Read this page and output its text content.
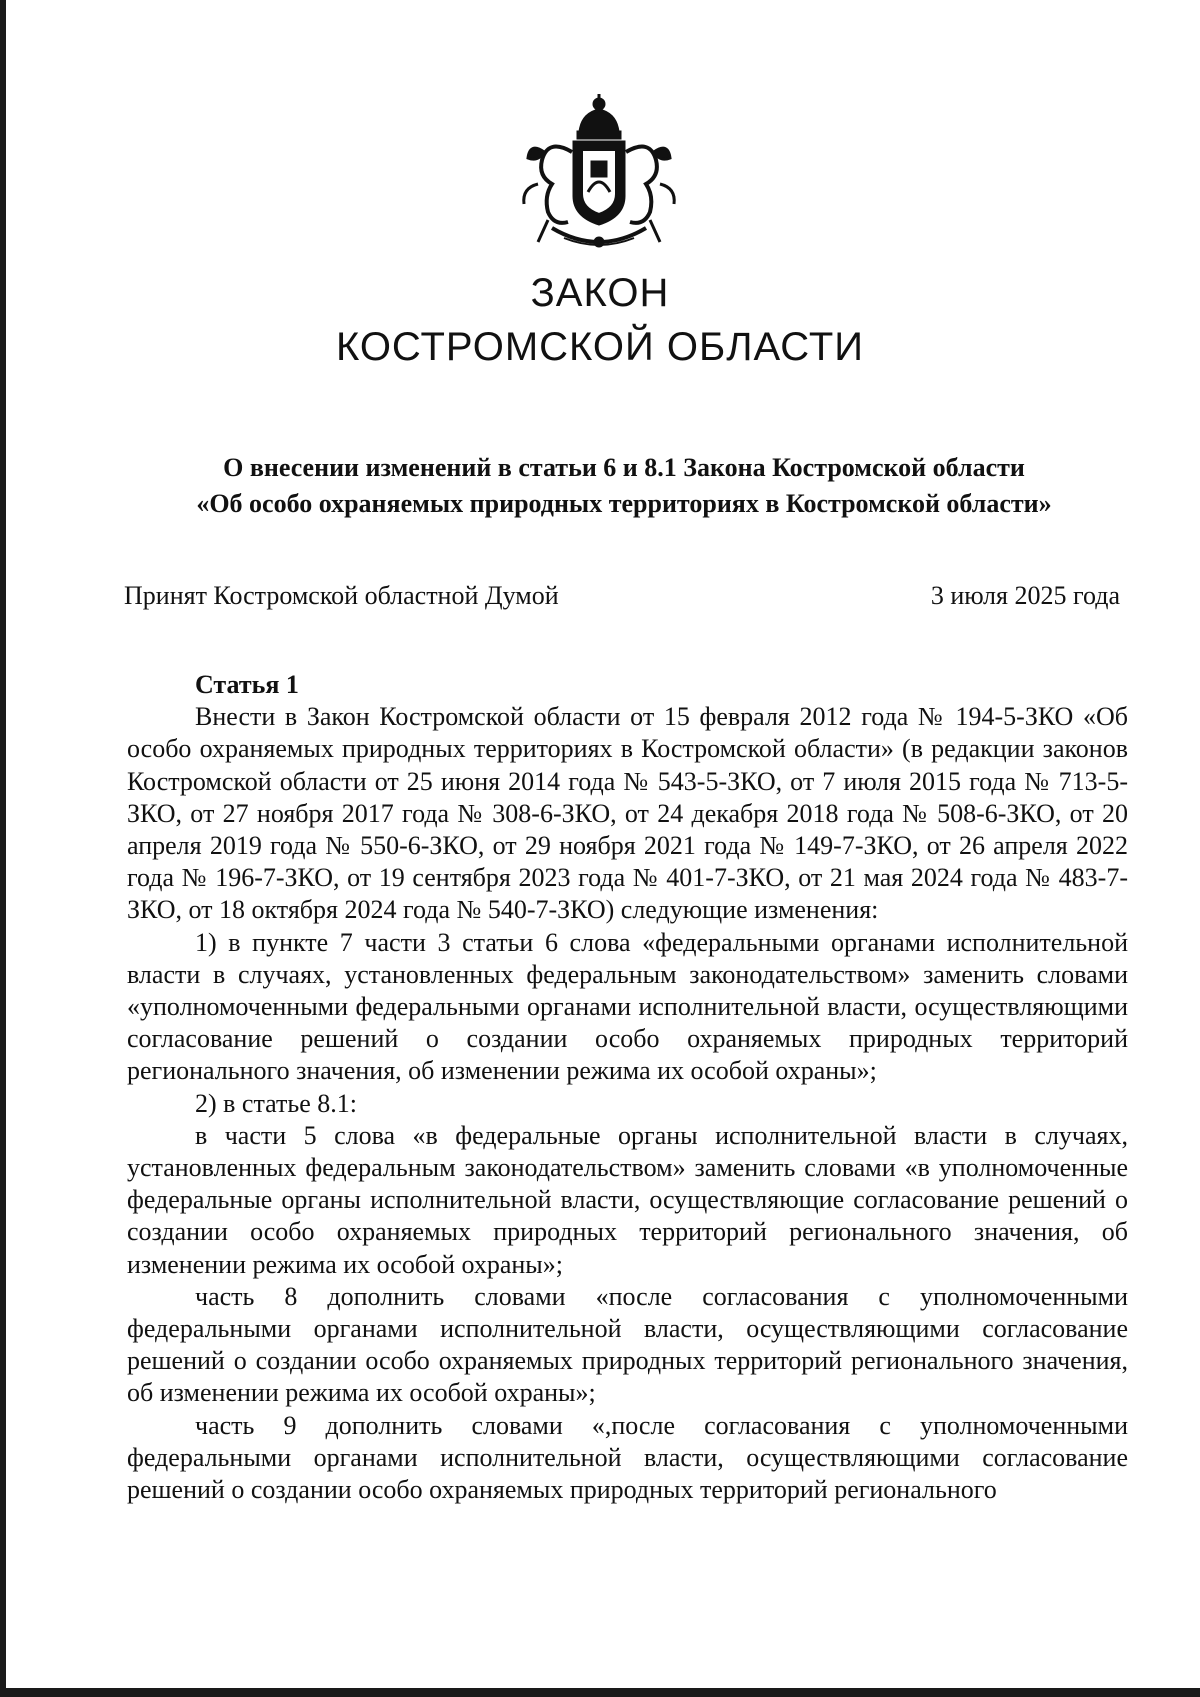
ЗАКОН
КОСТРОМСКОЙ ОБЛАСТИ
О внесении изменений в статьи 6 и 8.1 Закона Костромской области
«Об особо охраняемых природных территориях в Костромской области»
Принят Костромской областной Думой	3 июля 2025 года
Статья 1

Внести в Закон Костромской области от 15 февраля 2012 года № 194-5-ЗКО «Об особо охраняемых природных территориях в Костромской области» (в редакции законов Костромской области от 25 июня 2014 года № 543-5-ЗКО, от 7 июля 2015 года № 713-5-ЗКО, от 27 ноября 2017 года № 308-6-ЗКО, от 24 декабря 2018 года № 508-6-ЗКО, от 20 апреля 2019 года № 550-6-ЗКО, от 29 ноября 2021 года № 149-7-ЗКО, от 26 апреля 2022 года № 196-7-ЗКО, от 19 сентября 2023 года № 401-7-ЗКО, от 21 мая 2024 года № 483-7-ЗКО, от 18 октября 2024 года № 540-7-ЗКО) следующие изменения:

1) в пункте 7 части 3 статьи 6 слова «федеральными органами исполнительной власти в случаях, установленных федеральным законодательством» заменить словами «уполномоченными федеральными органами исполнительной власти, осуществляющими согласование решений о создании особо охраняемых природных территорий регионального значения, об изменении режима их особой охраны»;

2) в статье 8.1:

в части 5 слова «в федеральные органы исполнительной власти в случаях, установленных федеральным законодательством» заменить словами «в уполномоченные федеральные органы исполнительной власти, осуществляющие согласование решений о создании особо охраняемых природных территорий регионального значения, об изменении режима их особой охраны»;

часть 8 дополнить словами «после согласования с уполномоченными федеральными органами исполнительной власти, осуществляющими согласование решений о создании особо охраняемых природных территорий регионального значения, об изменении режима их особой охраны»;

часть 9 дополнить словами «,после согласования с уполномоченными федеральными органами исполнительной власти, осуществляющими согласование решений о создании особо охраняемых природных территорий регионального
